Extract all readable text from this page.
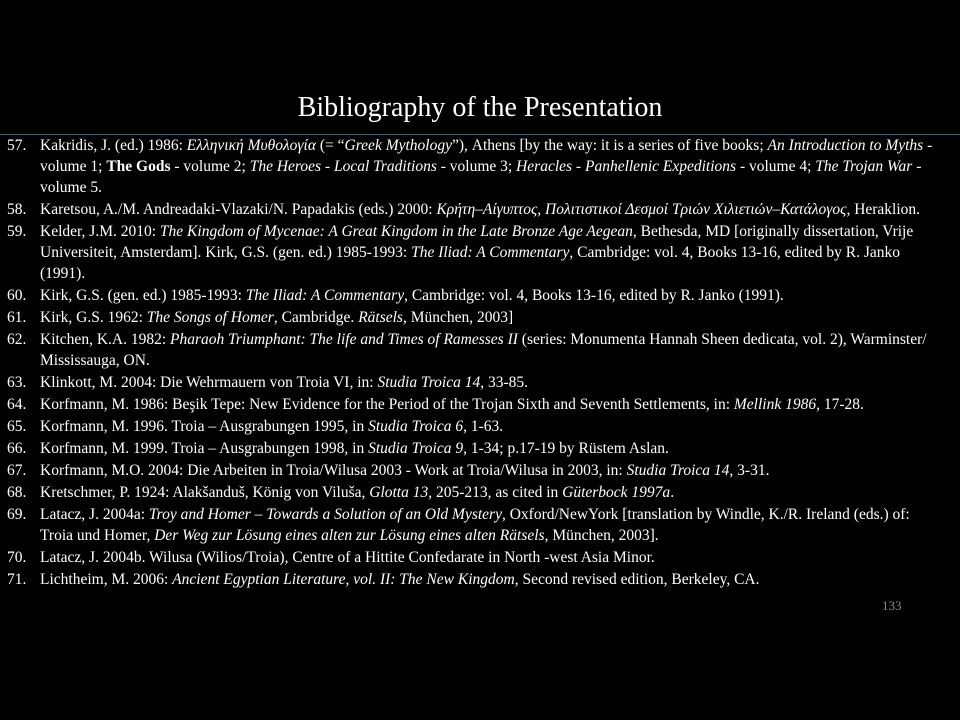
Bibliography of the Presentation
57. Kakridis, J. (ed.) 1986: Ελληνική Μυθολογία (= “Greek Mythology”), Athens [by the way: it is a series of five books; An Introduction to Myths - volume 1; The Gods - volume 2; The Heroes - Local Traditions - volume 3; Heracles - Panhellenic Expeditions - volume 4; The Trojan War -volume 5.
58. Karetsou, A./M. Andreadaki-Vlazaki/N. Papadakis (eds.) 2000: Κρήτη–Αίγυπτος, Πολιτιστικοί Δεσμοί Τριών Χιλιετιών–Κατάλογος, Heraklion.
59. Kelder, J.M. 2010: The Kingdom of Mycenae: A Great Kingdom in the Late Bronze Age Aegean, Bethesda, MD [originally dissertation, Vrije Universiteit, Amsterdam]. Kirk, G.S. (gen. ed.) 1985-1993: The Iliad: A Commentary, Cambridge: vol. 4, Books 13-16, edited by R. Janko (1991).
60. Kirk, G.S. (gen. ed.) 1985-1993: The Iliad: A Commentary, Cambridge: vol. 4, Books 13-16, edited by R. Janko (1991).
61. Kirk, G.S. 1962: The Songs of Homer, Cambridge. Rätsels, München, 2003]
62. Kitchen, K.A. 1982: Pharaoh Triumphant: The life and Times of Ramesses II (series: Monumenta Hannah Sheen dedicata, vol. 2), Warminster/ Mississauga, ON.
63. Klinkott, M. 2004: Die Wehrmauern von Troia VI, in: Studia Troica 14, 33-85.
64. Korfmann, M. 1986: Beşik Tepe: New Evidence for the Period of the Trojan Sixth and Seventh Settlements, in: Mellink 1986, 17-28.
65. Korfmann, M. 1996. Troia – Ausgrabungen 1995, in Studia Troica 6, 1-63.
66. Korfmann, M. 1999. Troia – Ausgrabungen 1998, in Studia Troica 9, 1-34; p.17-19 by Rüstem Aslan.
67. Korfmann, M.O. 2004: Die Arbeiten in Troia/Wilusa 2003 - Work at Troia/Wilusa in 2003, in: Studia Troica 14, 3-31.
68. Kretschmer, P. 1924: Alakšanduš, König von Viluša, Glotta 13, 205-213, as cited in Güterbock 1997a.
69. Latacz, J. 2004a: Troy and Homer – Towards a Solution of an Old Mystery, Oxford/NewYork [translation by Windle, K./R. Ireland (eds.) of: Troia und Homer, Der Weg zur Lösung eines alten zur Lösung eines alten Rätsels, München, 2003].
70. Latacz, J. 2004b. Wilusa (Wilios/Troia), Centre of a Hittite Confedarate in North -west Asia Minor.
71. Lichtheim, M. 2006: Ancient Egyptian Literature, vol. II: The New Kingdom, Second revised edition, Berkeley, CA.
133
